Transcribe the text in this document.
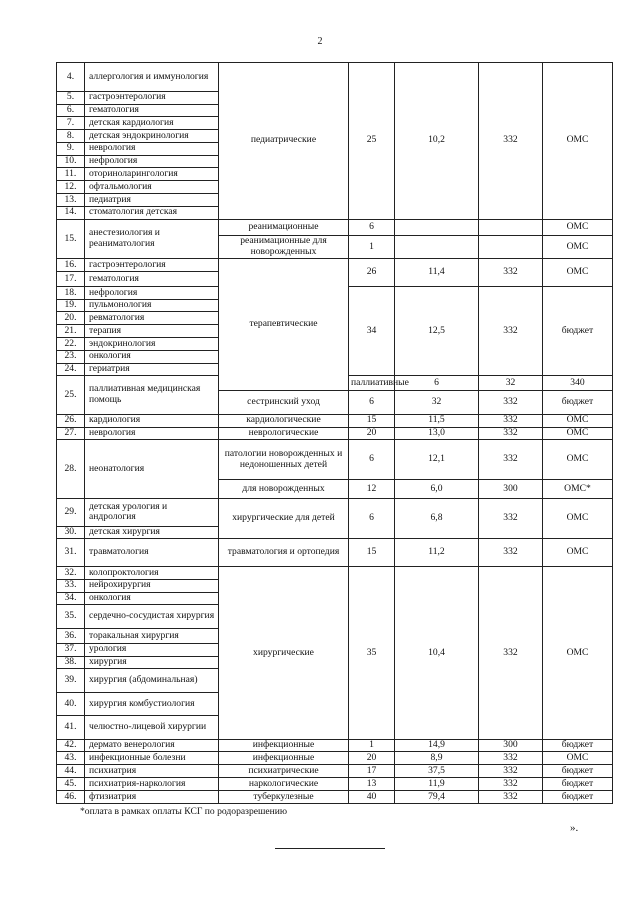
2
4.	аллергология и иммунология	педиатрические	25	10,2	332	ОМС
5.	гастроэнтерология					
6.	гематология					
7.	детская кардиология					
8.	детская эндокринология					
9.	неврология					
10.	нефрология					
11.	оториноларингология					
12.	офтальмология					
13.	педиатрия					
14.	стоматология детская					
15.	анестезиология и реаниматология	реанимационные	6			ОМС
		реанимационные для новорожденных	1			ОМС
16.	гастроэнтерология	терапевтические	26	11,4	332	ОМС
17.	гематология					
18.	нефрология		34	12,5	332	бюджет
19.	пульмонология					
20.	ревматология					
21.	терапия					
22.	эндокринология					
23.	онкология					
24.	гериатрия					
25.	паллиативная медицинская помощь		паллиативные	6	32	340
		сестринский уход	6	32	332	бюджет
26.	кардиология	кардиологические	15	11,5	332	ОМС
27.	неврология	неврологические	20	13,0	332	ОМС
28.	неонатология	патологии новорожденных и недоношенных детей	6	12,1	332	ОМС
		для новорожденных	12	6,0	300	ОМС*
29.	детская урология и андрология	хирургические для детей	6	6,8	332	ОМС
30.	детская хирургия					
31.	травматология	травматология и ортопедия	15	11,2	332	ОМС
32.	колопроктология	хирургические	35	10,4	332	ОМС
33.	нейрохирургия					
34.	онкология					
35.	сердечно-сосудистая хирургия					
36.	торакальная хирургия					
37.	урология					
38.	хирургия					
39.	хирургия (абдоминальная)					
40.	хирургия комбустиология					
41.	челюстно-лицевой хирургии					
42.	дермато венерология	инфекционные	1	14,9	300	бюджет
43.	инфекционные болезни	инфекционные	20	8,9	332	ОМС
44.	психиатрия	психиатрические	17	37,5	332	бюджет
45.	психиатрия-наркология	наркологические	13	11,9	332	бюджет
46.	фтизиатрия	туберкулезные	40	79,4	332	бюджет
*оплата в рамках оплаты КСГ по родоразрешению
».
